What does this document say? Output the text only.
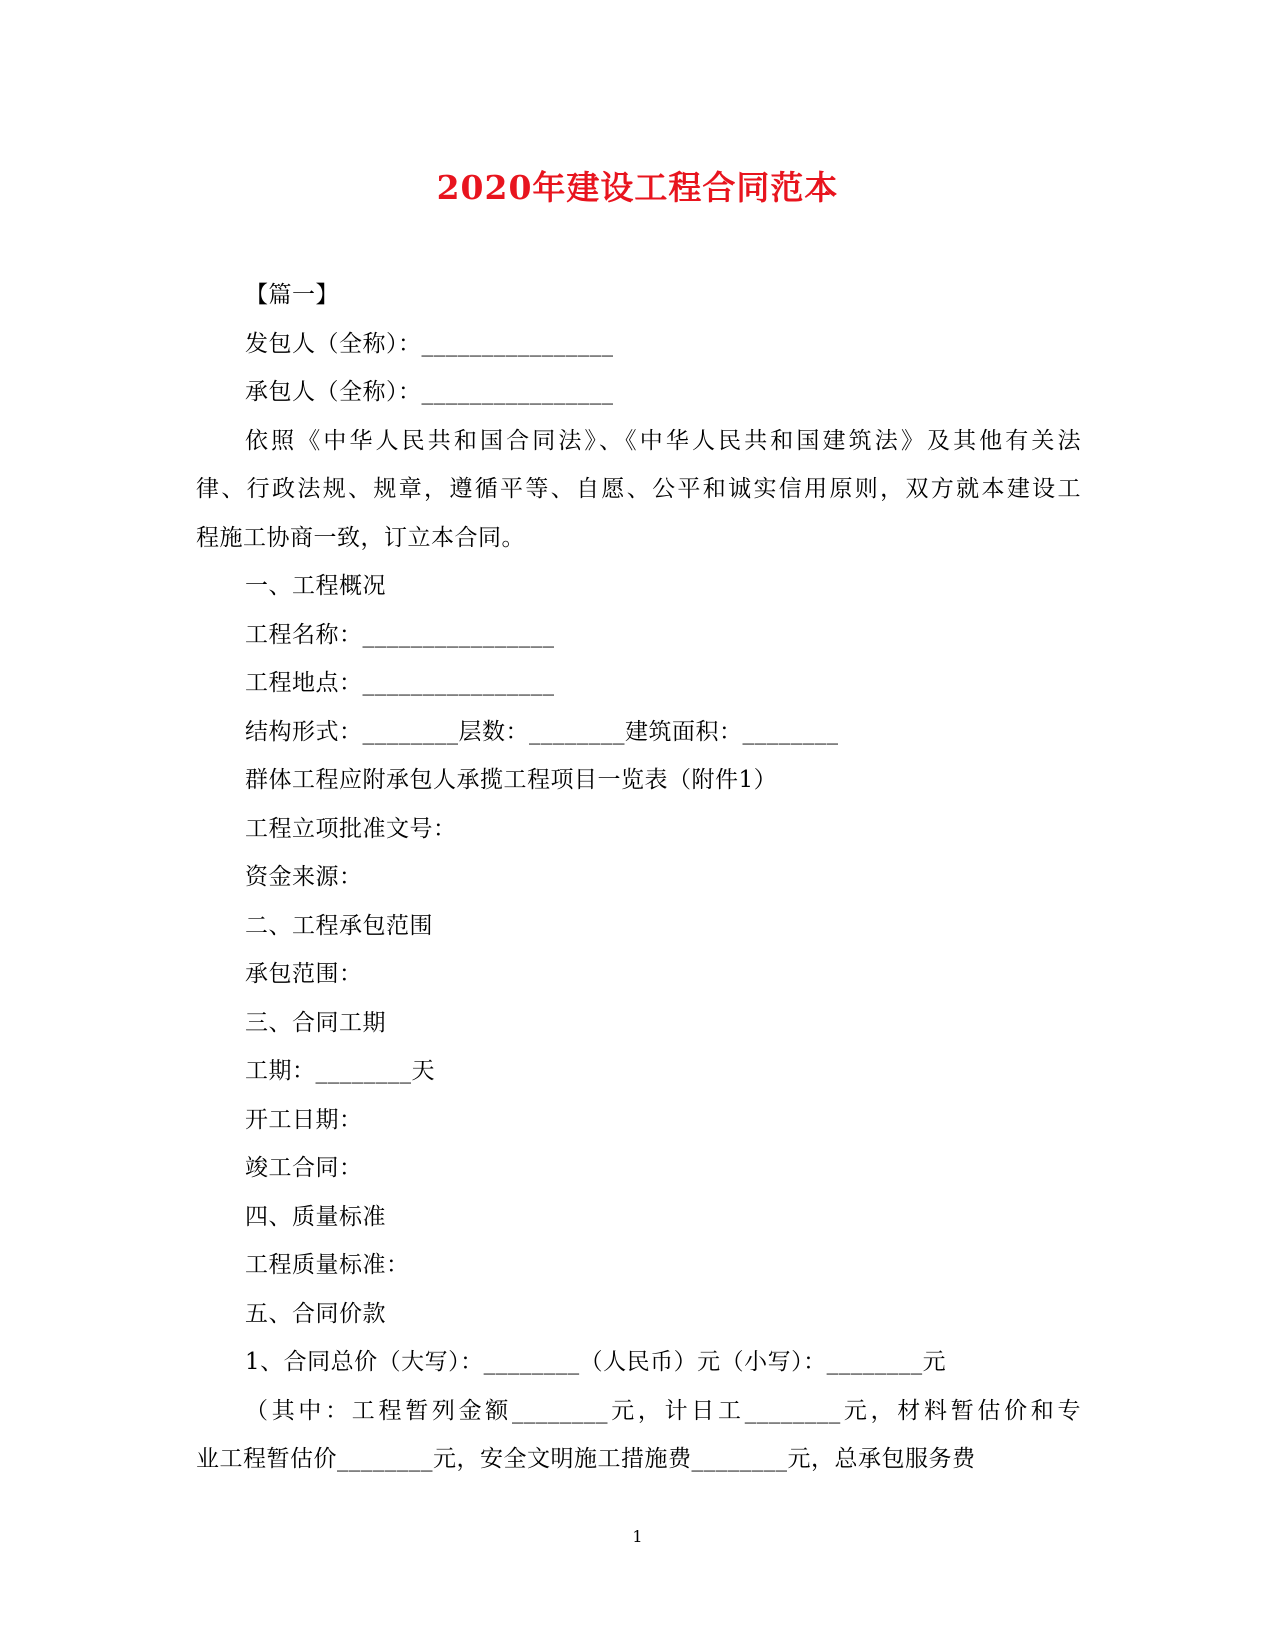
2020年建设工程合同范本
【篇一】
发包人（全称）：________________
承包人（全称）：________________
依照《中华人民共和国合同法》、《中华人民共和国建筑法》及其他有关法
律、行政法规、规章，遵循平等、自愿、公平和诚实信用原则，双方就本建设工
程施工协商一致，订立本合同。
一、工程概况
工程名称：________________
工程地点：________________
结构形式：________层数：________建筑面积：________
群体工程应附承包人承揽工程项目一览表（附件1）
工程立项批准文号：
资金来源：
二、工程承包范围
承包范围：
三、合同工期
工期：________天
开工日期：
竣工合同：
四、质量标准
工程质量标准：
五、合同价款
1、合同总价（大写）：________（人民币）元（小写）：________元
（其中：工程暂列金额________元，计日工________元，材料暂估价和专
业工程暂估价________元，安全文明施工措施费________元，总承包服务费
1
